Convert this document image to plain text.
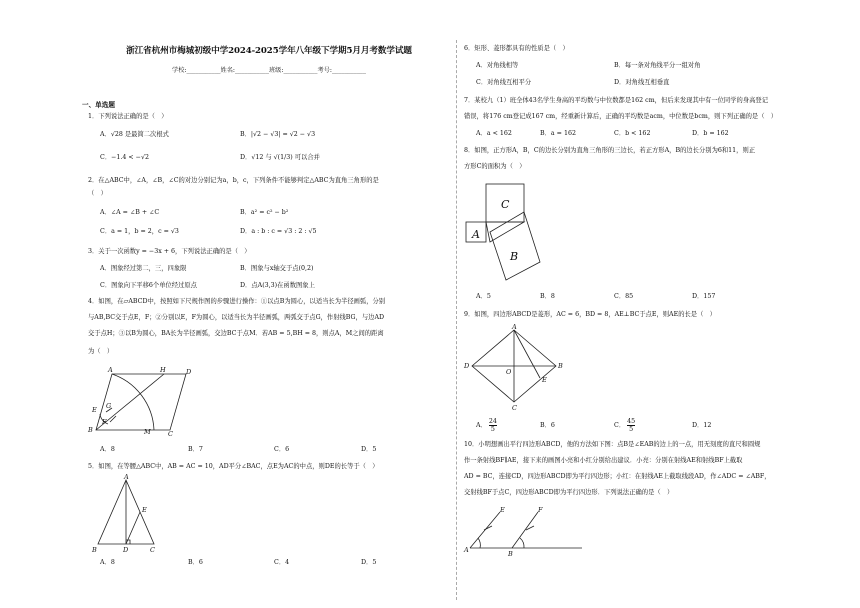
浙江省杭州市梅城初级中学2024-2025学年八年级下学期5月月考数学试题
学校:___________姓名:___________班级:___________考号:___________
一、单选题
1．下列说法正确的是（　）
A．√28 是最简二次根式	B．|√2 − √3| = √2 − √3
C．−1.4 < −√2	D．√12 与 √(1/3) 可以合并
2．在△ABC中，∠A，∠B，∠C的对边分别记为a，b，c，下列条件不能够判定△ABC为直角三角形的是
（　）
A．∠A = ∠B + ∠C	B．a² = c² − b²
C．a = 1，b = 2，c = √3	D．a : b : c = √3 : 2 : √5
3．关于一次函数y = −3x + 6，下列说法正确的是（　）
A．图象经过第二，三，四象限	B．图象与x轴交于点(0,2)
C．图象向下平移6个单位经过原点	D．点A(3,3)在函数图象上
4．如图，在▱ABCD中，按照如下尺规作图的步骤进行操作：①以点B为圆心，以适当长为半径画弧，分别
与AB,BC交于点E，F；②分别以E，F为圆心，以适当长为半径画弧，两弧交于点G，作射线BG，与边AD
交于点H；③以B为圆心，BA长为半径画弧，交边BC于点M．若AB = 5,BH = 8，则点A，M之间的距离
为（　）
A	H	D
B	M	C
E G
F
A．8	B．7	C．6	D．5
5．如图，在等腰△ABC中，AB = AC = 10，AD平分∠BAC，点E为AC的中点，则DE的长等于（　）
A
B	D	C
E
A．8	B．6	C．4	D．5
6．矩形、菱形都具有的性质是（　）
A．对角线相等	B．每一条对角线平分一组对角
C．对角线互相平分	D．对角线互相垂直
7．某校九（1）班全体43名学生身高的平均数与中位数都是162 cm，但后来发现其中有一位同学的身高登记
错误，将176 cm登记成167 cm，经重新计算后，正确的平均数是acm，中位数是bcm，则下列正确的是（　）
A．a < 162	B．a = 162	C．b < 162	D．b = 162
8．如图，正方形A，B，C的边长分别为直角三角形的三边长，若正方形A，B的边长分别为6和11，则正
方形C的面积为（　）
C
A
B
A．5	B．8	C．85	D．157
9．如图，四边形ABCD是菱形，AC = 6，BD = 8，AE⊥BC于点E，则AE的长是（　）
A
B
C
D
O
E
A． $\frac{24}{5}$	B．6	C． $\frac{45}{5}$	D．12
10．小明想画出平行四边形ABCD，他的方法如下图：点B是∠EAB的边上的一点，用无刻度的直尺和圆规
作一条射线BF∥AE，接下来的画图小亮和小红分别给出建议．小亮：分别在射线AE和射线BF上截取
AD = BC，连接CD，四边形ABCD即为平行四边形；小红：在射线AE上截取线段AD，作∠ADC = ∠ABF，
交射线BF于点C，四边形ABCD即为平行四边形．下列说法正确的是（　）
A	B
E	F
